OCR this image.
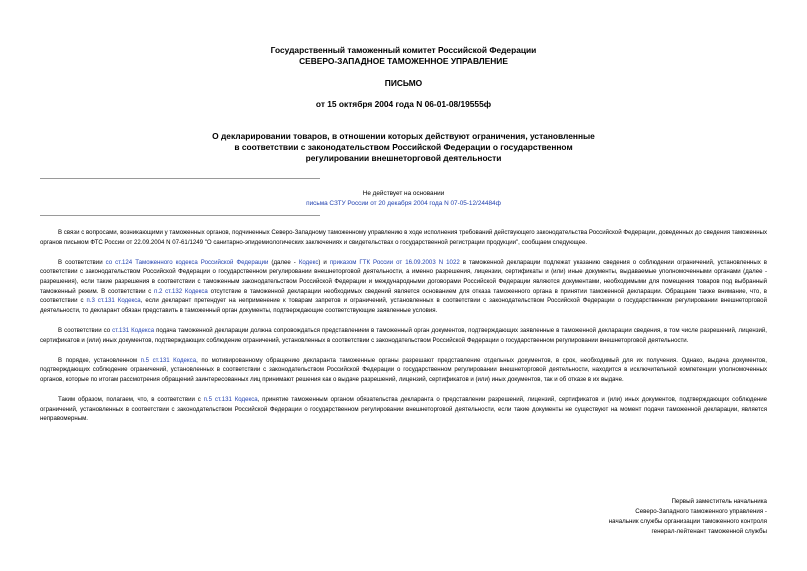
Государственный таможенный комитет Российской Федерации
СЕВЕРО-ЗАПАДНОЕ ТАМОЖЕННОЕ УПРАВЛЕНИЕ
ПИСЬМО
от 15 октября 2004 года N 06-01-08/19555ф
О декларировании товаров, в отношении которых действуют ограничения, установленные
в соответствии с законодательством Российской Федерации о государственном
регулировании внешнеторговой деятельности
Не действует на основании
письма СЗТУ России от 20 декабря 2004 года N 07-05-12/24484ф

В связи с вопросами, возникающими у таможенных органов, подчиненных Северо-Западному таможенному управлению в ходе исполнения требований действующего законодательства Российской Федерации, доведенных до сведения таможенных органов письмом ФТС России от 22.09.2004 N 07-61/1249 "О санитарно-эпидемиологических заключениях и свидетельствах о государственной регистрации продукции", сообщаем следующее.

В соответствии со ст.124 Таможенного кодекса Российской Федерации (далее - Кодекс) и приказом ГТК России от 16.09.2003 N 1022 в таможенной декларации подлежат указанию сведения о соблюдении ограничений, установленных в соответствии с законодательством Российской Федерации о государственном регулировании внешнеторговой деятельности, а именно разрешения, лицензии, сертификаты и (или) иные документы, выдаваемые уполномоченными органами (далее - разрешения), если такие разрешения в соответствии с таможенным законодательством Российской Федерации и международными договорами Российской Федерации являются документами, необходимыми для помещения товаров под выбранный таможенный режим. В соответствии с п.2 ст.132 Кодекса отсутствие в таможенной декларации необходимых сведений является основанием для отказа таможенного органа в принятии таможенной декларации. Обращаем также внимание, что, в соответствии с п.3 ст.131 Кодекса, если декларант претендует на неприменение к товарам запретов и ограничений, установленных в соответствии с законодательством Российской Федерации о государственном регулировании внешнеторговой деятельности, то декларант обязан представить в таможенный орган документы, подтверждающие соответствующие заявленные условия.

В соответствии со ст.131 Кодекса подача таможенной декларации должна сопровождаться представлением в таможенный орган документов, подтверждающих заявленные в таможенной декларации сведения, в том числе разрешений, лицензий, сертификатов и (или) иных документов, подтверждающих соблюдение ограничений, установленных в соответствии с законодательством Российской Федерации о государственном регулировании внешнеторговой деятельности.

В порядке, установленном п.5 ст.131 Кодекса, по мотивированному обращению декларанта таможенные органы разрешают представление отдельных документов, в срок, необходимый для их получения. Однако, выдача документов, подтверждающих соблюдение ограничений, установленных в соответствии с законодательством Российской Федерации о государственном регулировании внешнеторговой деятельности, находится в исключительной компетенции уполномоченных органов, которые по итогам рассмотрения обращений заинтересованных лиц принимают решения как о выдаче разрешений, лицензий, сертификатов и (или) иных документов, так и об отказе в их выдаче.

Таким образом, полагаем, что, в соответствии с п.5 ст.131 Кодекса, принятие таможенным органом обязательства декларанта о представлении разрешений, лицензий, сертификатов и (или) иных документов, подтверждающих соблюдение ограничений, установленных в соответствии с законодательством Российской Федерации о государственном регулировании внешнеторговой деятельности, если такие документы не существуют на момент подачи таможенной декларации, является неправомерным.

Первый заместитель начальника
Северо-Западного таможенного управления -
начальник службы организации таможенного контроля
генерал-лейтенант таможенной службы
